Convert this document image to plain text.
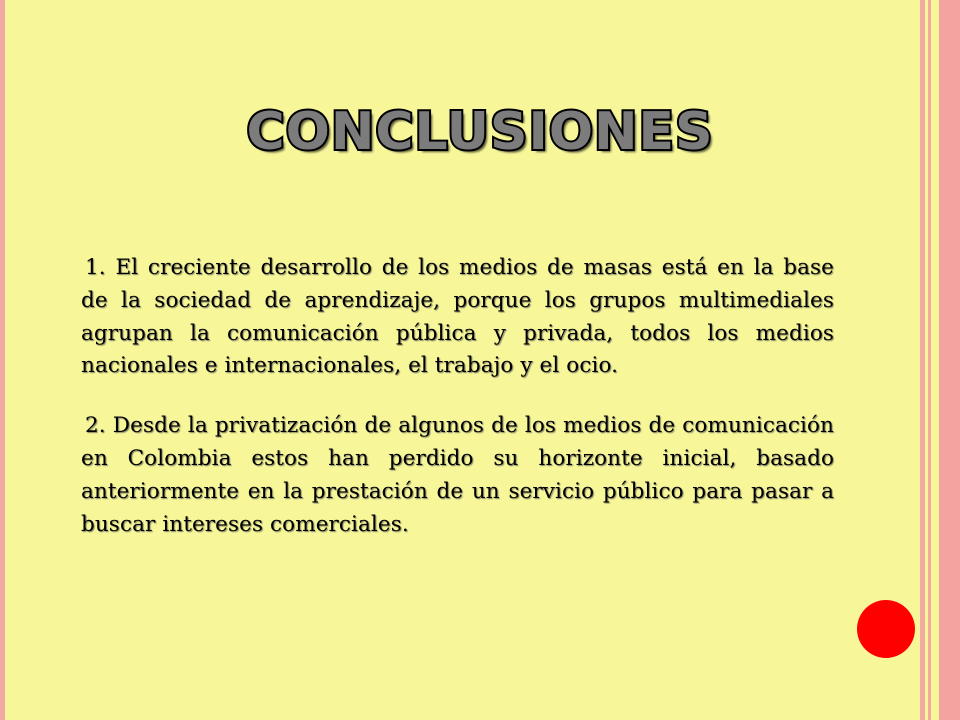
CONCLUSIONES

1. El creciente desarrollo de los medios de masas está en la base de la sociedad de aprendizaje, porque los grupos multimediales agrupan la comunicación pública y privada, todos los medios nacionales e internacionales, el trabajo y el ocio.

2. Desde la privatización de algunos de los medios de comunicación en Colombia estos han perdido su horizonte inicial, basado anteriormente en la prestación de un servicio público para pasar a buscar intereses comerciales.
